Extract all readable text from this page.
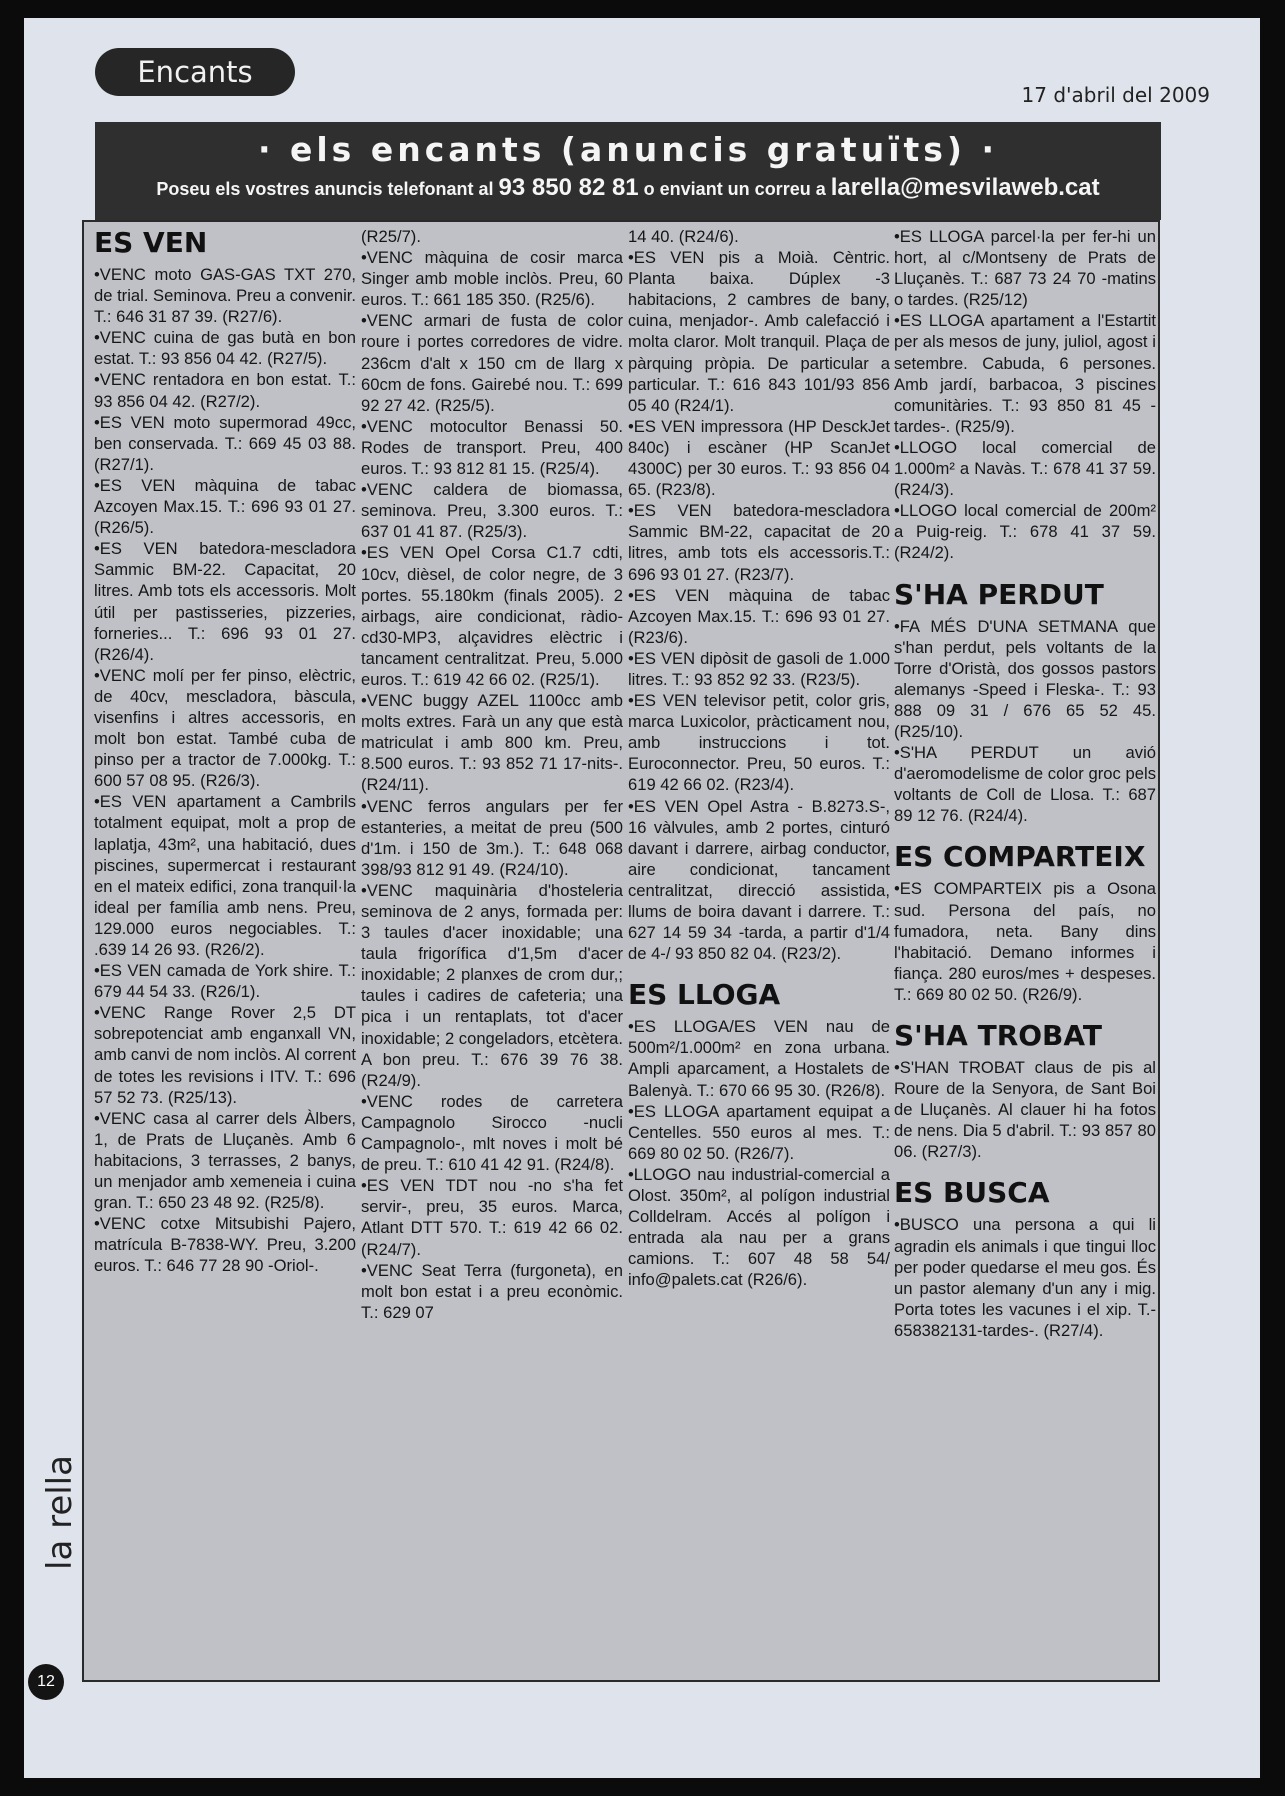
Encants
17 d'abril del 2009
· els encants (anuncis gratuïts) ·
Poseu els vostres anuncis telefonant al 93 850 82 81 o enviant un correu a larella@mesvilaweb.cat

ES VEN

•VENC moto GAS-GAS TXT 270, de trial. Seminova. Preu a convenir. T.: 646 31 87 39. (R27/6).

•VENC cuina de gas butà en bon estat. T.: 93 856 04 42. (R27/5).

•VENC rentadora en bon estat. T.: 93 856 04 42. (R27/2).

•ES VEN moto supermorad 49cc, ben conservada. T.: 669 45 03 88. (R27/1).

•ES VEN màquina de tabac Azcoyen Max.15. T.: 696 93 01 27. (R26/5).

•ES VEN batedora-mescladora Sammic BM-22. Capacitat, 20 litres. Amb tots els accessoris. Molt útil per pastisseries, pizzeries, forneries... T.: 696 93 01 27. (R26/4).

•VENC molí per fer pinso, elèctric, de 40cv, mescladora, bàscula, visenfins i altres accessoris, en molt bon estat. També cuba de pinso per a tractor de 7.000kg. T.: 600 57 08 95. (R26/3).

•ES VEN apartament a Cambrils totalment equipat, molt a prop de laplatja, 43m², una habitació, dues piscines, supermercat i restaurant en el mateix edifici, zona tranquil·la ideal per família amb nens. Preu, 129.000 euros negociables. T.: .639 14 26 93. (R26/2).

•ES VEN camada de York shire. T.: 679 44 54 33. (R26/1).

•VENC Range Rover 2,5 DT sobrepotenciat amb enganxall VN, amb canvi de nom inclòs. Al corrent de totes les revisions i ITV. T.: 696 57 52 73. (R25/13).

•VENC casa al carrer dels Àlbers, 1, de Prats de Lluçanès. Amb 6 habitacions, 3 terrasses, 2 banys, un menjador amb xemeneia i cuina gran. T.: 650 23 48 92. (R25/8).

•VENC cotxe Mitsubishi Pajero, matrícula B-7838-WY. Preu, 3.200 euros. T.: 646 77 28 90 -Oriol-.

(R25/7).

•VENC màquina de cosir marca Singer amb moble inclòs. Preu, 60 euros. T.: 661 185 350. (R25/6).

•VENC armari de fusta de color roure i portes corredores de vidre. 236cm d'alt x 150 cm de llarg x 60cm de fons. Gairebé nou. T.: 699 92 27 42. (R25/5).

•VENC motocultor Benassi 50. Rodes de transport. Preu, 400 euros. T.: 93 812 81 15. (R25/4).

•VENC caldera de biomassa, seminova. Preu, 3.300 euros. T.: 637 01 41 87. (R25/3).

•ES VEN Opel Corsa C1.7 cdti, 10cv, dièsel, de color negre, de 3 portes. 55.180km (finals 2005). 2 airbags, aire condicionat, ràdio-cd30-MP3, alçavidres elèctric i tancament centralitzat. Preu, 5.000 euros. T.: 619 42 66 02. (R25/1).

•VENC buggy AZEL 1100cc amb molts extres. Farà un any que està matriculat i amb 800 km. Preu, 8.500 euros. T.: 93 852 71 17-nits-. (R24/11).

•VENC ferros angulars per fer estanteries, a meitat de preu (500 d'1m. i 150 de 3m.). T.: 648 068 398/93 812 91 49. (R24/10).

•VENC maquinària d'hosteleria seminova de 2 anys, formada per: 3 taules d'acer inoxidable; una taula frigorífica d'1,5m d'acer inoxidable; 2 planxes de crom dur,; taules i cadires de cafeteria; una pica i un rentaplats, tot d'acer inoxidable; 2 congeladors, etcètera. A bon preu. T.: 676 39 76 38. (R24/9).

•VENC rodes de carretera Campagnolo Sirocco -nucli Campagnolo-, mlt noves i molt bé de preu. T.: 610 41 42 91. (R24/8).

•ES VEN TDT nou -no s'ha fet servir-, preu, 35 euros. Marca, Atlant DTT 570. T.: 619 42 66 02. (R24/7).

•VENC Seat Terra (furgoneta), en molt bon estat i a preu econòmic. T.: 629 07

14 40. (R24/6).

•ES VEN pis a Moià. Cèntric. Planta baixa. Dúplex -3 habitacions, 2 cambres de bany, cuina, menjador-. Amb calefacció i molta claror. Molt tranquil. Plaça de pàrquing pròpia. De particular a particular. T.: 616 843 101/93 856 05 40 (R24/1).

•ES VEN impressora (HP DesckJet 840c) i escàner (HP ScanJet 4300C) per 30 euros. T.: 93 856 04 65. (R23/8).

•ES VEN batedora-mescladora Sammic BM-22, capacitat de 20 litres, amb tots els accessoris.T.: 696 93 01 27. (R23/7).

•ES VEN màquina de tabac Azcoyen Max.15. T.: 696 93 01 27. (R23/6).

•ES VEN dipòsit de gasoli de 1.000 litres. T.: 93 852 92 33. (R23/5).

•ES VEN televisor petit, color gris, marca Luxicolor, pràcticament nou, amb instruccions i tot. Euroconnector. Preu, 50 euros. T.: 619 42 66 02. (R23/4).

•ES VEN Opel Astra - B.8273.S-, 16 vàlvules, amb 2 portes, cinturó davant i darrere, airbag conductor, aire condicionat, tancament centralitzat, direcció assistida, llums de boira davant i darrere. T.: 627 14 59 34 -tarda, a partir d'1/4 de 4-/ 93 850 82 04. (R23/2).

ES LLOGA

•ES LLOGA/ES VEN nau de 500m²/1.000m² en zona urbana. Ampli aparcament, a Hostalets de Balenyà. T.: 670 66 95 30. (R26/8).

•ES LLOGA apartament equipat a Centelles. 550 euros al mes. T.: 669 80 02 50. (R26/7).

•LLOGO nau industrial-comercial a Olost. 350m², al polígon industrial Colldelram. Accés al polígon i entrada ala nau per a grans camions. T.: 607 48 58 54/ info@palets.cat (R26/6).

•ES LLOGA parcel·la per fer-hi un hort, al c/Montseny de Prats de Lluçanès. T.: 687 73 24 70 -matins o tardes. (R25/12)

•ES LLOGA apartament a l'Estartit per als mesos de juny, juliol, agost i setembre. Cabuda, 6 persones. Amb jardí, barbacoa, 3 piscines comunitàries. T.: 93 850 81 45 -tardes-. (R25/9).

•LLOGO local comercial de 1.000m² a Navàs. T.: 678 41 37 59. (R24/3).

•LLOGO local comercial de 200m² a Puig-reig. T.: 678 41 37 59. (R24/2).

S'HA PERDUT

•FA MÉS D'UNA SETMANA que s'han perdut, pels voltants de la Torre d'Oristà, dos gossos pastors alemanys -Speed i Fleska-. T.: 93 888 09 31 / 676 65 52 45. (R25/10).

•S'HA PERDUT un avió d'aeromodelisme de color groc pels voltants de Coll de Llosa. T.: 687 89 12 76. (R24/4).

ES COMPARTEIX

•ES COMPARTEIX pis a Osona sud. Persona del país, no fumadora, neta. Bany dins l'habitació. Demano informes i fiança. 280 euros/mes + despeses. T.: 669 80 02 50. (R26/9).

S'HA TROBAT

•S'HAN TROBAT claus de pis al Roure de la Senyora, de Sant Boi de Lluçanès. Al clauer hi ha fotos de nens. Dia 5 d'abril. T.: 93 857 80 06. (R27/3).

ES BUSCA

•BUSCO una persona a qui li agradin els animals i que tingui lloc per poder quedarse el meu gos. És un pastor alemany d'un any i mig. Porta totes les vacunes i el xip. T.- 658382131-tardes-. (R27/4).

la rella
12
